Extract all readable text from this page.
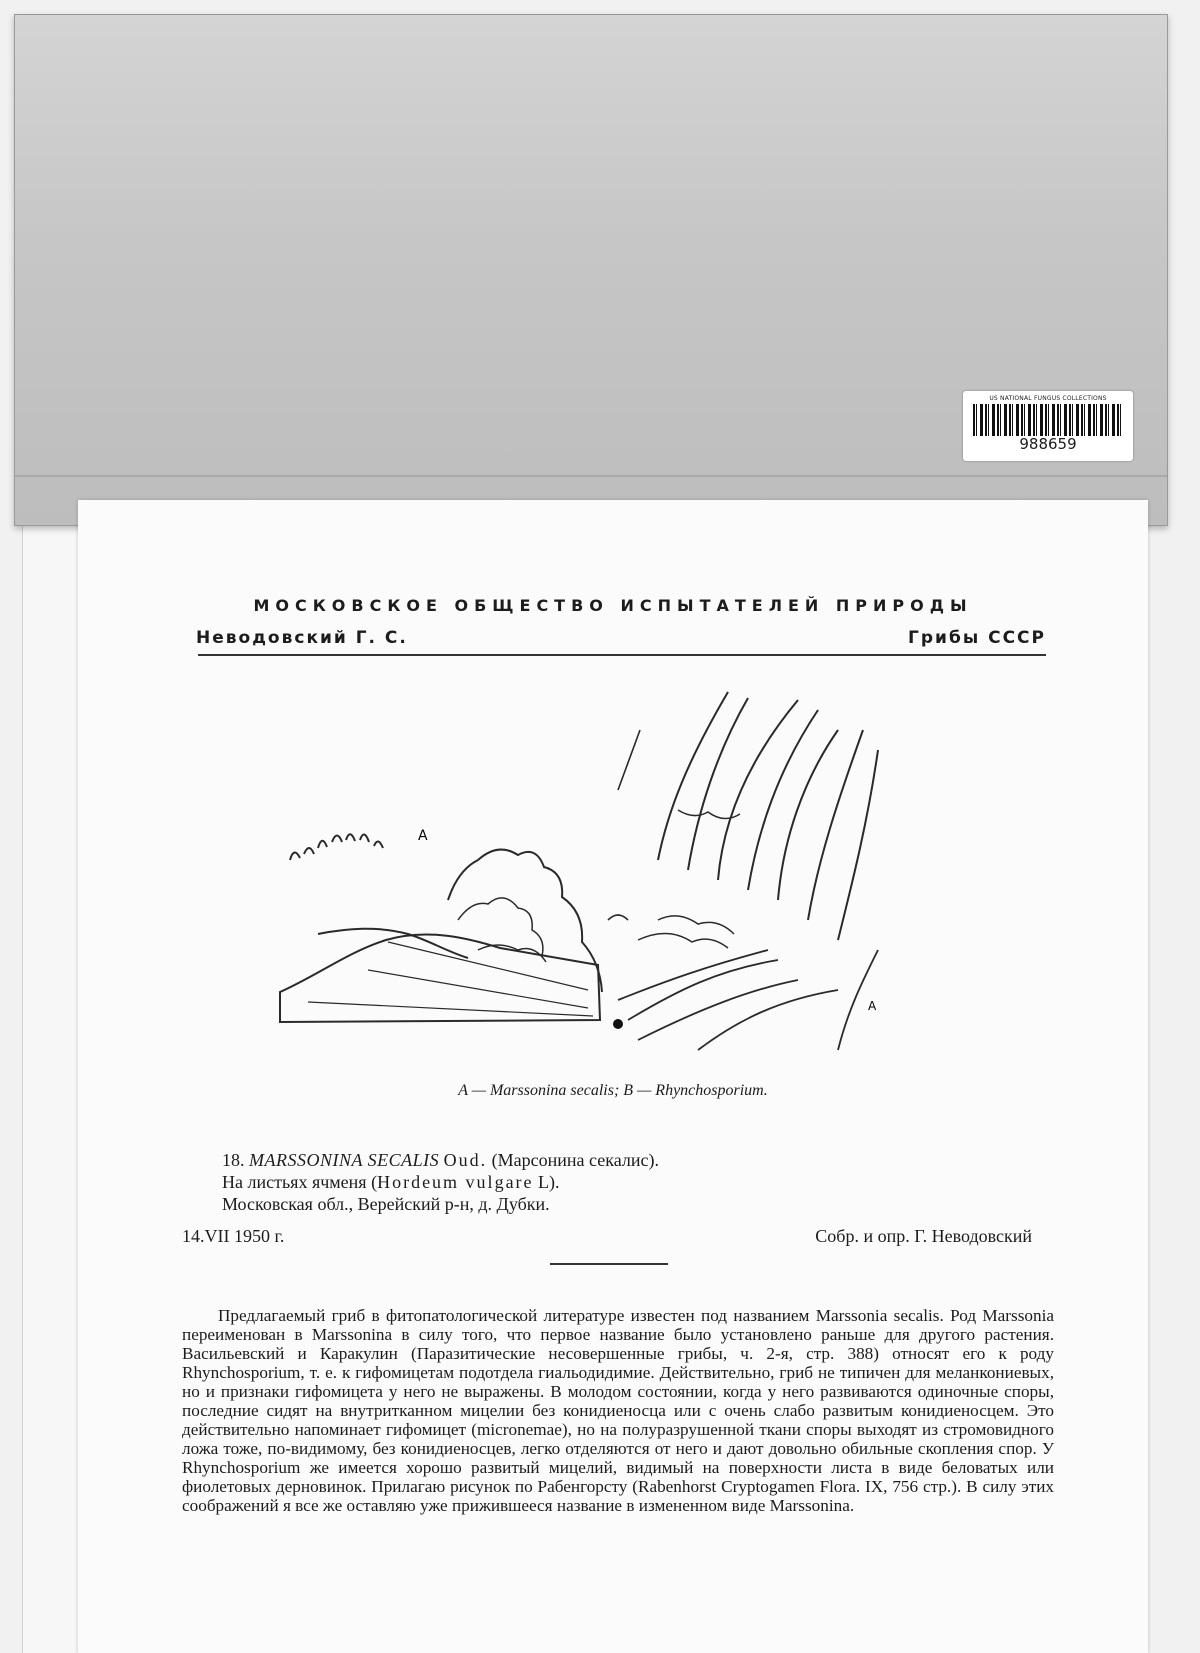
US NATIONAL FUNGUS COLLECTIONS
988659
МОСКОВСКОЕ ОБЩЕСТВО ИСПЫТАТЕЛЕЙ ПРИРОДЫ
Неводовский Г. С.	Грибы СССР
A
A
A — Marssonina secalis; B — Rhynchosporium.
18. MARSSONINA SECALIS Oud. (Марсонина секалис).
На листьях ячменя (Hordeum vulgare L).
Московская обл., Верейский р-н, д. Дубки.
14.VII 1950 г.	Собр. и опр. Г. Неводовский

Предлагаемый гриб в фитопатологической литературе известен под названием Marssonia secalis. Род Marssonia переименован в Marssonina в силу того, что первое название было установлено раньше для другого растения. Васильевский и Каракулин (Паразитические несовершенные грибы, ч. 2-я, стр. 388) относят его к роду Rhynchosporium, т. е. к гифомицетам подотдела гиальодидимие. Действительно, гриб не типичен для меланкониевых, но и признаки гифомицета у него не выражены. В молодом состоянии, когда у него развиваются одиночные споры, последние сидят на внутритканном мицелии без конидиеносца или с очень слабо развитым конидиеносцем. Это действительно напоминает гифомицет (micronemae), но на полуразрушенной ткани споры выходят из стромовидного ложа тоже, по-видимому, без конидиеносцев, легко отделяются от него и дают довольно обильные скопления спор. У Rhynchosporium же имеется хорошо развитый мицелий, видимый на поверхности листа в виде беловатых или фиолетовых дерновинок. Прилагаю рисунок по Рабенгорсту (Rabenhorst Cryptogamen Flora. IX, 756 стр.). В силу этих соображений я все же оставляю уже прижившееся название в измененном виде Marssonina.
